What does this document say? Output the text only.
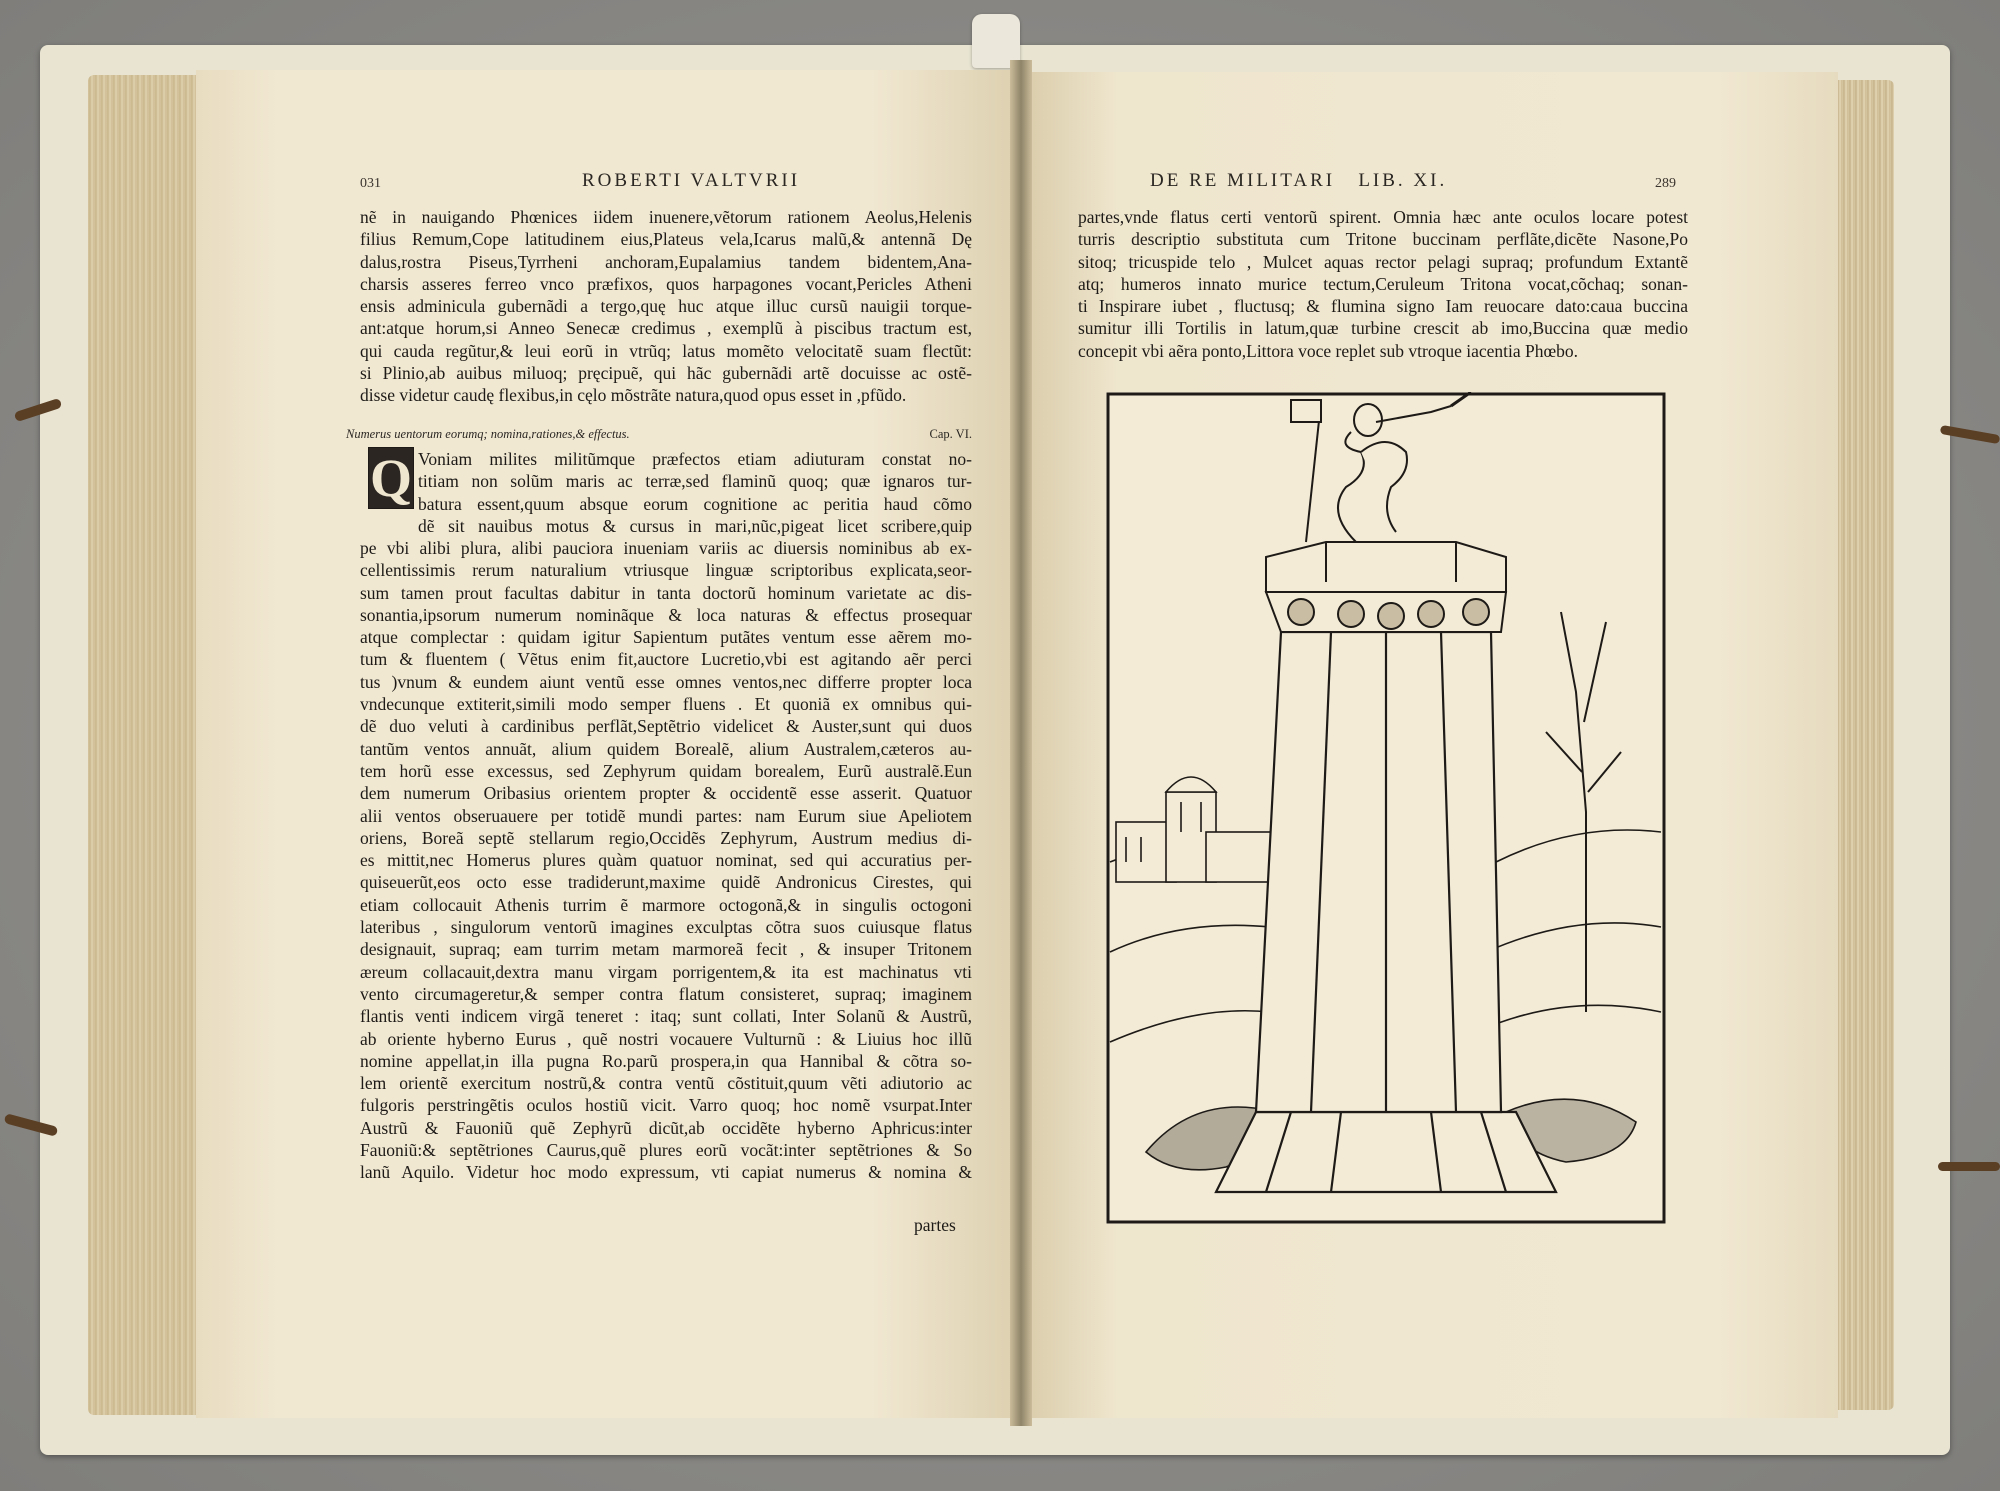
031	ROBERTI VALTVRII
nẽ in nauigando Phœnices iidem inuenere,vẽtorum rationem Aeolus,Helenis
filius Remum,Cope latitudinem eius,Plateus vela,Icarus malũ,& antennã Dę
dalus,rostra Piseus,Tyrrheni anchoram,Eupalamius tandem bidentem,Ana-
charsis asseres ferreo vnco præfixos, quos harpagones vocant,Pericles Atheni
ensis adminicula gubernãdi a tergo,quę huc atque illuc cursũ nauigii torque-
ant:atque horum,si Anneo Senecæ credimus , exemplũ à piscibus tractum est,
qui cauda regũtur,& leui eorũ in vtrũq; latus momẽto velocitatẽ suam flectũt:
si Plinio,ab auibus miluoq; pręcipuẽ, qui hãc gubernãdi artẽ docuisse ac ostẽ-
disse videtur caudę flexibus,in cęlo mõstrãte natura,quod opus esset in ,pfũdo.
Numerus uentorum eorumq; nomina,rationes,& effectus.	Cap. VI.
Q Voniam milites militũmque præfectos etiam adiuturam constat no-
titiam non solũm maris ac terræ,sed flaminũ quoq; quæ ignaros tur-
batura essent,quum absque eorum cognitione ac peritia haud cõmo
dẽ sit nauibus motus & cursus in mari,nũc,pigeat licet scribere,quip
pe vbi alibi plura, alibi pauciora inueniam variis ac diuersis nominibus ab ex-
cellentissimis rerum naturalium vtriusque linguæ scriptoribus explicata,seor-
sum tamen prout facultas dabitur in tanta doctorũ hominum varietate ac dis-
sonantia,ipsorum numerum nominãque & loca naturas & effectus prosequar
atque complectar : quidam igitur Sapientum putãtes ventum esse aẽrem mo-
tum & fluentem ( Vẽtus enim fit,auctore Lucretio,vbi est agitando aẽr perci
tus )vnum & eundem aiunt ventũ esse omnes ventos,nec differre propter loca
vndecunque extiterit,simili modo semper fluens . Et quoniã ex omnibus qui-
dẽ duo veluti à cardinibus perflãt,Septẽtrio videlicet & Auster,sunt qui duos
tantũm ventos annuãt, alium quidem Borealẽ, alium Australem,cæteros au-
tem horũ esse excessus, sed Zephyrum quidam borealem, Eurũ australẽ.Eun
dem numerum Oribasius orientem propter & occidentẽ esse asserit. Quatuor
alii ventos obseruauere per totidẽ mundi partes: nam Eurum siue Apeliotem
oriens, Boreã septẽ stellarum regio,Occidẽs Zephyrum, Austrum medius di-
es mittit,nec Homerus plures quàm quatuor nominat, sed qui accuratius per-
quiseuerũt,eos octo esse tradiderunt,maxime quidẽ Andronicus Cirestes, qui
etiam collocauit Athenis turrim ẽ marmore octogonã,& in singulis octogoni
lateribus , singulorum ventorũ imagines exculptas cõtra suos cuiusque flatus
designauit, supraq; eam turrim metam marmoreã fecit , & insuper Tritonem
æreum collacauit,dextra manu virgam porrigentem,& ita est machinatus vti
vento circumageretur,& semper contra flatum consisteret, supraq; imaginem
flantis venti indicem virgã teneret : itaq; sunt collati, Inter Solanũ & Austrũ,
ab oriente hyberno Eurus , quẽ nostri vocauere Vulturnũ : & Liuius hoc illũ
nomine appellat,in illa pugna Ro.parũ prospera,in qua Hannibal & cõtra so-
lem orientẽ exercitum nostrũ,& contra ventũ cõstituit,quum vẽti adiutorio ac
fulgoris perstringẽtis oculos hostiũ vicit. Varro quoq; hoc nomẽ vsurpat.Inter
Austrũ & Fauoniũ quẽ Zephyrũ dicũt,ab occidẽte hyberno Aphricus:inter
Fauoniũ:& septẽtriones Caurus,quẽ plures eorũ vocãt:inter septẽtriones & So
lanũ Aquilo. Videtur hoc modo expressum, vti capiat numerus & nomina &
partes
DE RE MILITARI   LIB. XI.	289
partes,vnde flatus certi ventorũ spirent. Omnia hæc ante oculos locare potest
turris descriptio substituta cum Tritone buccinam perflãte,dicẽte Nasone,Po
sitoq; tricuspide telo , Mulcet aquas rector pelagi supraq; profundum Extantẽ
atq; humeros innato murice tectum,Ceruleum Tritona vocat,cõchaq; sonan-
ti Inspirare iubet , fluctusq; & flumina signo Iam reuocare dato:caua buccina
sumitur illi Tortilis in latum,quæ turbine crescit ab imo,Buccina quæ medio
concepit vbi aẽra ponto,Littora voce replet sub vtroque iacentia Phœbo.
